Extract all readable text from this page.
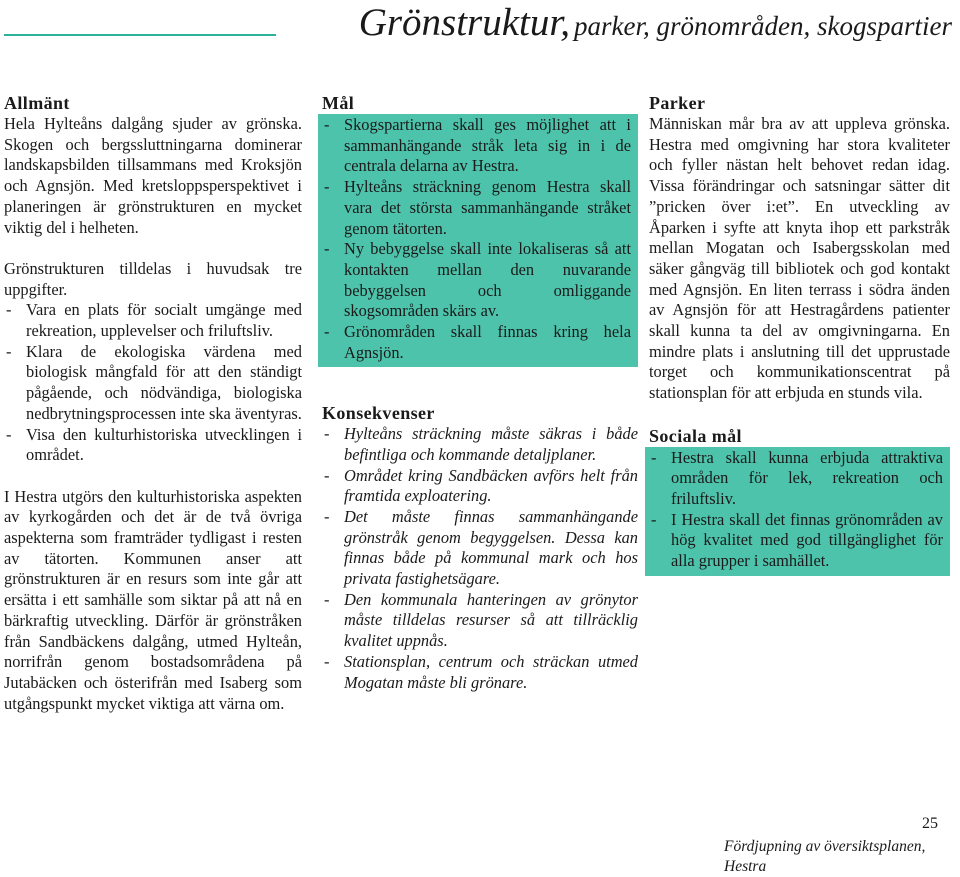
Grönstruktur, parker, grönområden, skogspartier
Allmänt

Hela Hylteåns dalgång sjuder av grönska. Skogen och bergssluttningarna dominerar landskapsbilden tillsammans med Kroksjön och Agnsjön. Med kretsloppsperspektivet i planeringen är grönstrukturen en mycket viktig del i helheten.

Grönstrukturen tilldelas i huvudsak tre uppgifter.

- Vara en plats för socialt umgänge med rekreation, upplevelser och friluftsliv.
- Klara de ekologiska värdena med biologisk mångfald för att den ständigt pågående, och nödvändiga, biologiska nedbrytningsprocessen inte ska äventyras.
- Visa den kulturhistoriska utvecklingen i området.

I Hestra utgörs den kulturhistoriska aspekten av kyrkogården och det är de två övriga aspekterna som framträder tydligast i resten av tätorten. Kommunen anser att grönstrukturen är en resurs som inte går att ersätta i ett samhälle som siktar på att nå en bärkraftig utveckling. Därför är grönstråken från Sandbäckens dalgång, utmed Hylteån, norrifrån genom bostadsområdena på Jutabäcken och österifrån med Isaberg som utgångspunkt mycket viktiga att värna om.

Mål
- Skogspartierna skall ges möjlighet att i sammanhängande stråk leta sig in i de centrala delarna av Hestra.
- Hylteåns sträckning genom Hestra skall vara det största sammanhängande stråket genom tätorten.
- Ny bebyggelse skall inte lokaliseras så att kontakten mellan den nuvarande bebyggelsen och omliggande skogsområden skärs av.
- Grönområden skall finnas kring hela Agnsjön.
Konsekvenser
- Hylteåns sträckning måste säkras i både befintliga och kommande detaljplaner.
- Området kring Sandbäcken avförs helt från framtida exploatering.
- Det måste finnas sammanhängande grönstråk genom begyggelsen. Dessa kan finnas både på kommunal mark och hos privata fastighetsägare.
- Den kommunala hanteringen av grönytor måste tilldelas resurser så att tillräcklig kvalitet uppnås.
- Stationsplan, centrum och sträckan utmed Mogatan måste bli grönare.
Parker

Människan mår bra av att uppleva grönska. Hestra med omgivning har stora kvaliteter och fyller nästan helt behovet redan idag. Vissa förändringar och satsningar sätter dit ”pricken över i:et”. En utveckling av Åparken i syfte att knyta ihop ett parkstråk mellan Mogatan och Isabergsskolan med säker gångväg till bibliotek och god kontakt med Agnsjön. En liten terrass i södra änden av Agnsjön för att Hestragårdens patienter skall kunna ta del av omgivningarna. En mindre plats i anslutning till det upprustade torget och kommunikationscentrat på stationsplan för att erbjuda en stunds vila.

Sociala mål
- Hestra skall kunna erbjuda attraktiva områden för lek, rekreation och friluftsliv.
- I Hestra skall det finnas grönområden av hög kvalitet med god tillgänglighet för alla grupper i samhället.
25
Fördjupning av översiktsplanen, Hestra
